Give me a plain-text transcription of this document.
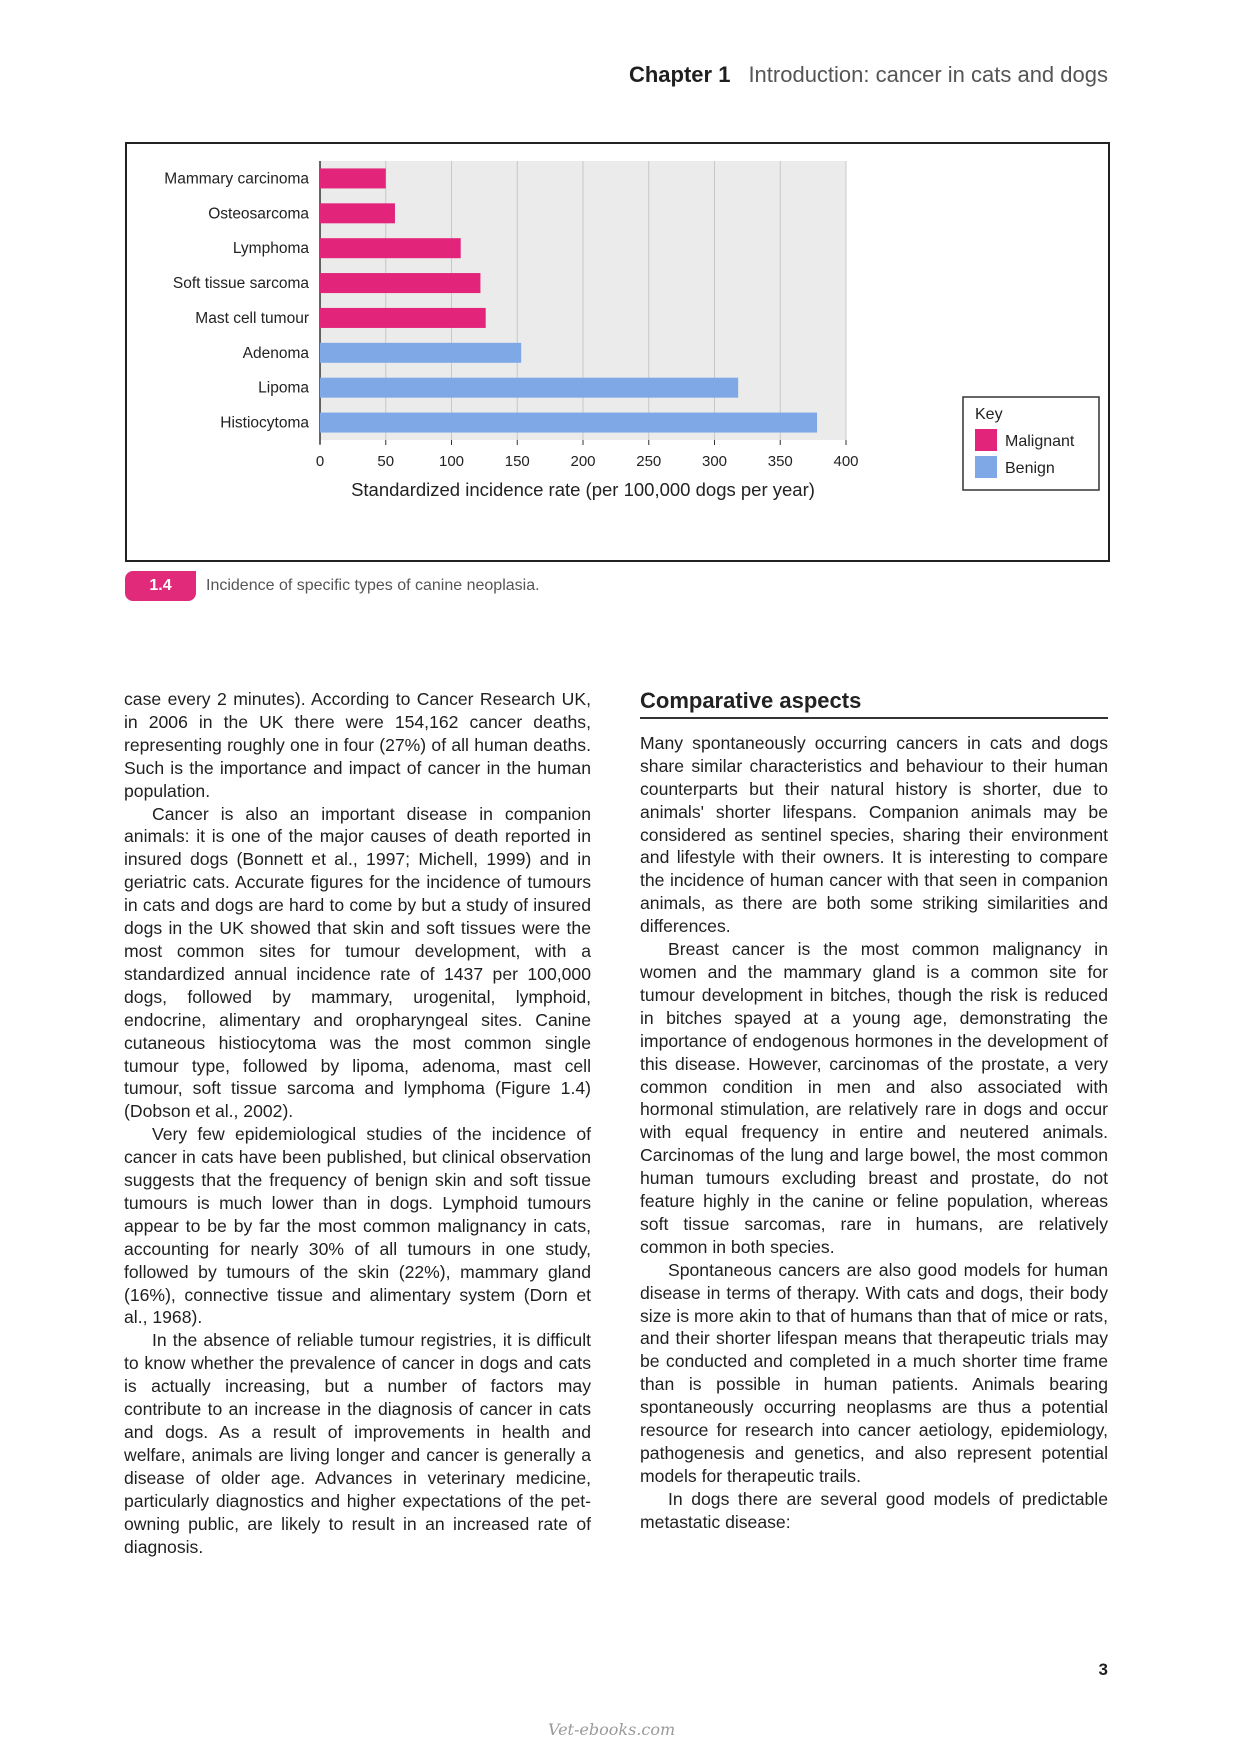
Chapter 1 Introduction: cancer in cats and dogs
Mammary carcinoma
Osteosarcoma
Lymphoma
Soft tissue sarcoma
Mast cell tumour
Adenoma
Lipoma
Histiocytoma
0	50	100	150	200	250	300	350	400
Standardized incidence rate (per 100,000 dogs per year)
Key
Malignant
Benign
1.4	Incidence of specific types of canine neoplasia.

case every 2 minutes). According to Cancer Research UK, in 2006 in the UK there were 154,162 cancer deaths, representing roughly one in four (27%) of all human deaths. Such is the importance and impact of cancer in the human population.

Cancer is also an important disease in companion animals: it is one of the major causes of death reported in insured dogs (Bonnett et al., 1997; Michell, 1999) and in geriatric cats. Accurate figures for the incidence of tumours in cats and dogs are hard to come by but a study of insured dogs in the UK showed that skin and soft tissues were the most common sites for tumour development, with a standardized annual incidence rate of 1437 per 100,000 dogs, followed by mammary, urogenital, lymphoid, endocrine, alimentary and oropharyngeal sites. Canine cutaneous histiocytoma was the most common single tumour type, followed by lipoma, adenoma, mast cell tumour, soft tissue sarcoma and lymphoma (Figure 1.4) (Dobson et al., 2002).

Very few epidemiological studies of the incidence of cancer in cats have been published, but clinical observation suggests that the frequency of benign skin and soft tissue tumours is much lower than in dogs. Lymphoid tumours appear to be by far the most common malignancy in cats, accounting for nearly 30% of all tumours in one study, followed by tumours of the skin (22%), mammary gland (16%), connective tissue and alimentary system (Dorn et al., 1968).

In the absence of reliable tumour registries, it is difficult to know whether the prevalence of cancer in dogs and cats is actually increasing, but a number of factors may contribute to an increase in the diagnosis of cancer in cats and dogs. As a result of improvements in health and welfare, animals are living longer and cancer is generally a disease of older age. Advances in veterinary medicine, particularly diagnostics and higher expectations of the pet-owning public, are likely to result in an increased rate of diagnosis.

Comparative aspects

Many spontaneously occurring cancers in cats and dogs share similar characteristics and behaviour to their human counterparts but their natural history is shorter, due to animals' shorter lifespans. Companion animals may be considered as sentinel species, sharing their environment and lifestyle with their owners. It is interesting to compare the incidence of human cancer with that seen in companion animals, as there are both some striking similarities and differences.

Breast cancer is the most common malignancy in women and the mammary gland is a common site for tumour development in bitches, though the risk is reduced in bitches spayed at a young age, demonstrating the importance of endogenous hormones in the development of this disease. However, carcinomas of the prostate, a very common condition in men and also associated with hormonal stimulation, are relatively rare in dogs and occur with equal frequency in entire and neutered animals. Carcinomas of the lung and large bowel, the most common human tumours excluding breast and prostate, do not feature highly in the canine or feline population, whereas soft tissue sarcomas, rare in humans, are relatively common in both species.

Spontaneous cancers are also good models for human disease in terms of therapy. With cats and dogs, their body size is more akin to that of humans than that of mice or rats, and their shorter lifespan means that therapeutic trials may be conducted and completed in a much shorter time frame than is possible in human patients. Animals bearing spontaneously occurring neoplasms are thus a potential resource for research into cancer aetiology, epidemiology, pathogenesis and genetics, and also represent potential models for therapeutic trails.

In dogs there are several good models of predictable metastatic disease:

3
Vet-ebooks.com
